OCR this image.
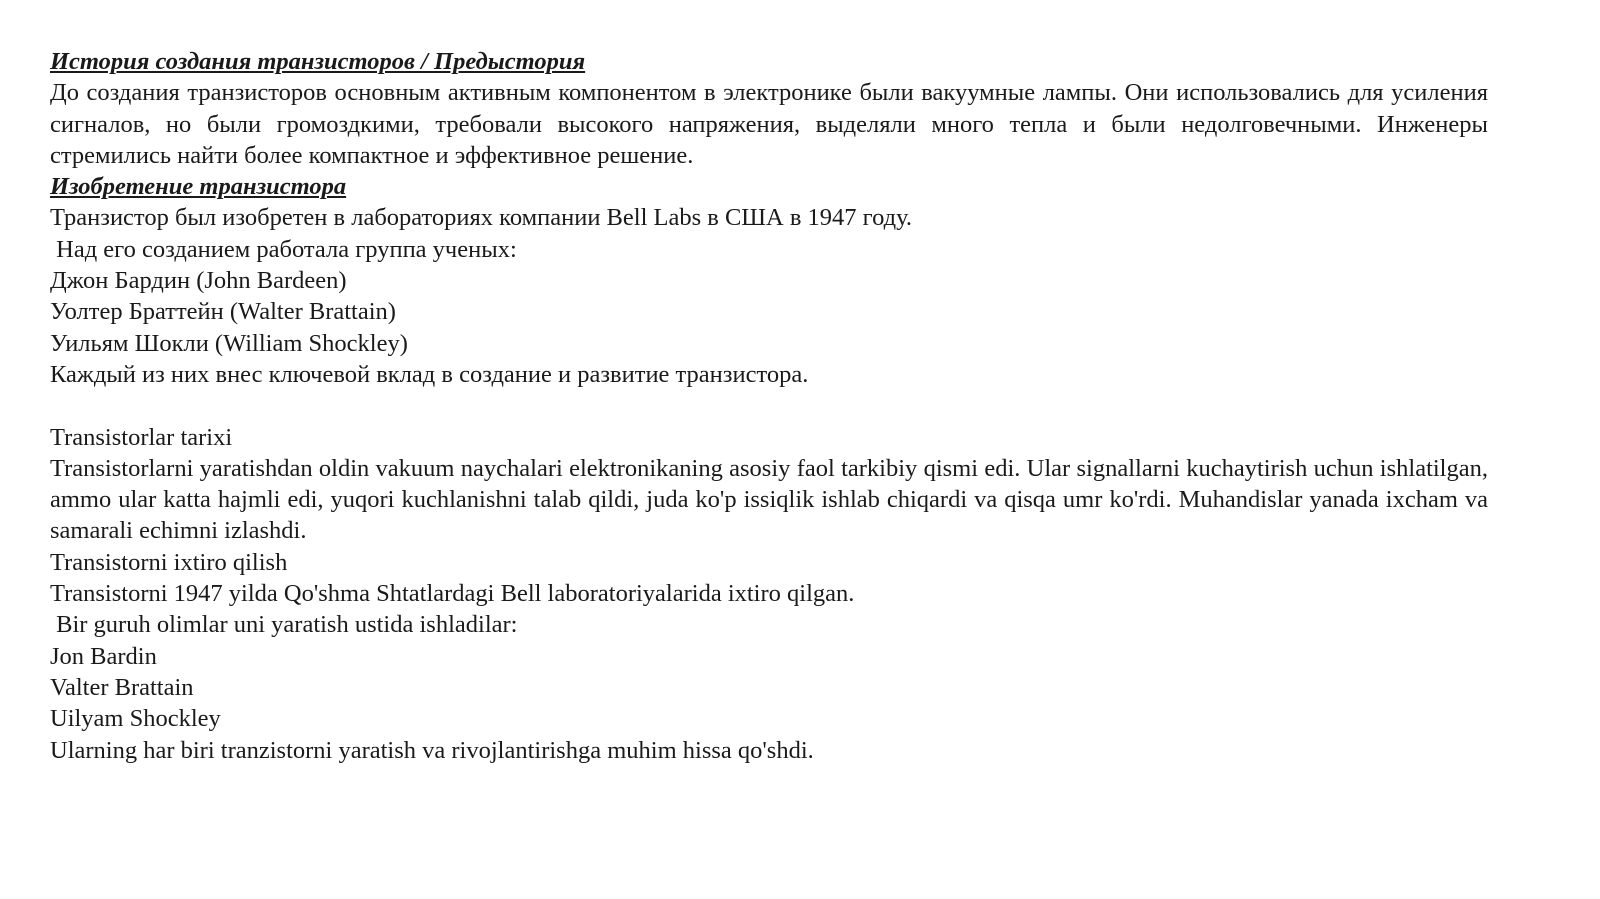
История создания транзисторов / Предыстория
До создания транзисторов основным активным компонентом в электронике были вакуумные лампы. Они использовались для усиления сигналов, но были громоздкими, требовали высокого напряжения, выделяли много тепла и были недолговечными. Инженеры стремились найти более компактное и эффективное решение.
Изобретение транзистора
Транзистор был изобретен в лабораториях компании Bell Labs в США в 1947 году.
Над его созданием работала группа ученых:
Джон Бардин (John Bardeen)
Уолтер Браттейн (Walter Brattain)
Уильям Шокли (William Shockley)
Каждый из них внес ключевой вклад в создание и развитие транзистора.
Transistorlar tarixi
Transistorlarni yaratishdan oldin vakuum naychalari elektronikaning asosiy faol tarkibiy qismi edi. Ular signallarni kuchaytirish uchun ishlatilgan, ammo ular katta hajmli edi, yuqori kuchlanishni talab qildi, juda ko'p issiqlik ishlab chiqardi va qisqa umr ko'rdi. Muhandislar yanada ixcham va samarali echimni izlashdi.
Transistorni ixtiro qilish
Transistorni 1947 yilda Qo'shma Shtatlardagi Bell laboratoriyalarida ixtiro qilgan.
Bir guruh olimlar uni yaratish ustida ishladilar:
Jon Bardin
Valter Brattain
Uilyam Shockley
Ularning har biri tranzistorni yaratish va rivojlantirishga muhim hissa qo'shdi.
